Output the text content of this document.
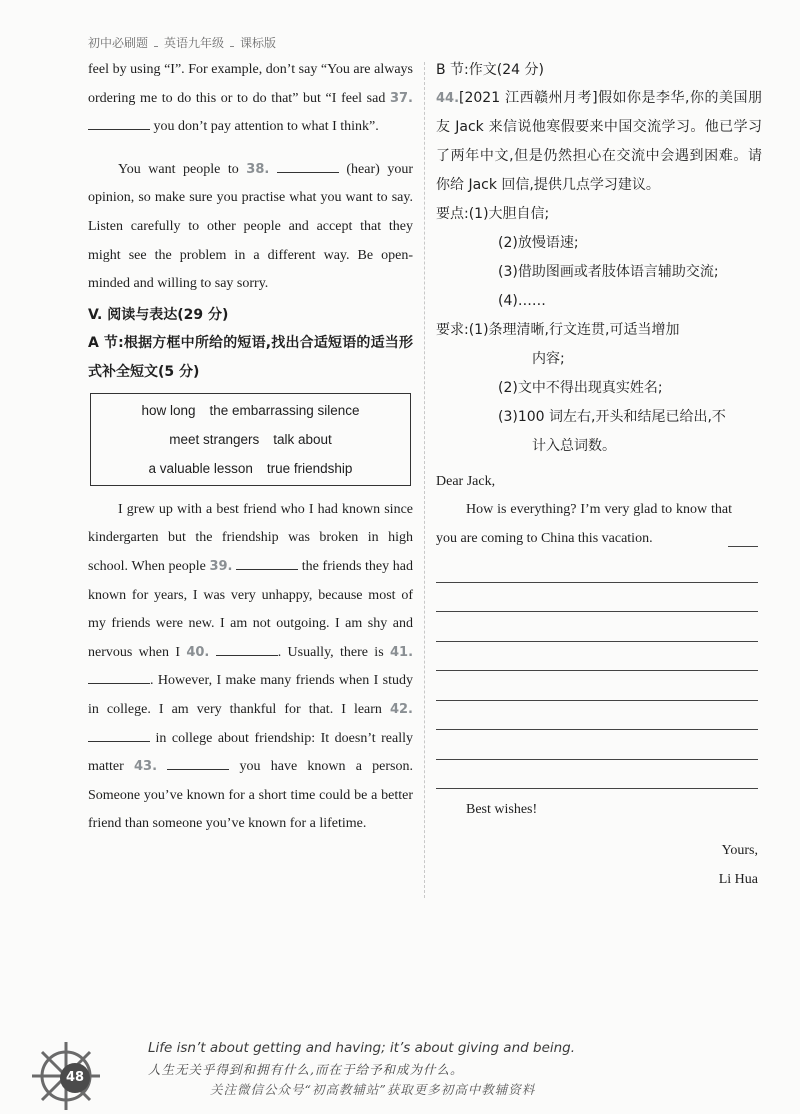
初中必刷题 英语九年级 课标版

feel by using “I”. For example, don’t say “You are always ordering me to do this or to do that” but “I feel sad 37.  you don’t pay attention to what I think”.

You want people to 38.	(hear) your opinion, so make sure you practise what you want to say. Listen carefully to other people and accept that they might see the problem in a different way. Be open-minded and willing to say sorry.

V. 阅读与表达(29 分)

A 节:根据方框中所给的短语,找出合适短语的适当形式补全短文(5 分)

how long the embarrassing silence
meet strangers talk about
a valuable lesson true friendship

I grew up with a best friend who I had known since kindergarten but the friendship was broken in high school. When people 39.	the friends they had known for years, I was very unhappy, because most of my friends were new. I am not outgoing. I am shy and nervous when I 40.	. Usually, there is 41. . However, I make many friends when I study in college. I am very thankful for that. I learn 42.  in college about friendship: It doesn’t really matter 43.	you have known a person. Someone you’ve known for a short time could be a better friend than someone you’ve known for a lifetime.

B 节:作文(24 分)

44.[2021 江西赣州月考]假如你是李华,你的美国朋友 Jack 来信说他寒假要来中国交流学习。他已学习了两年中文,但是仍然担心在交流中会遇到困难。请你给 Jack 回信,提供几点学习建议。

要点:(1)大胆自信;
(2)放慢语速;
(3)借助图画或者肢体语言辅助交流;
(4)……
要求:(1)条理清晰,行文连贯,可适当增加
内容;
(2)文中不得出现真实姓名;
(3)100 词左右,开头和结尾已给出,不
计入总词数。

Dear Jack,

How is everything? I’m very glad to know that you are coming to China this vacation.

Best wishes!

Yours,

Li Hua

48
Life isn’t about getting and having; it’s about giving and being.
人生无关乎得到和拥有什么,而在于给予和成为什么。
关注微信公众号“初高教辅站”获取更多初高中教辅资料
